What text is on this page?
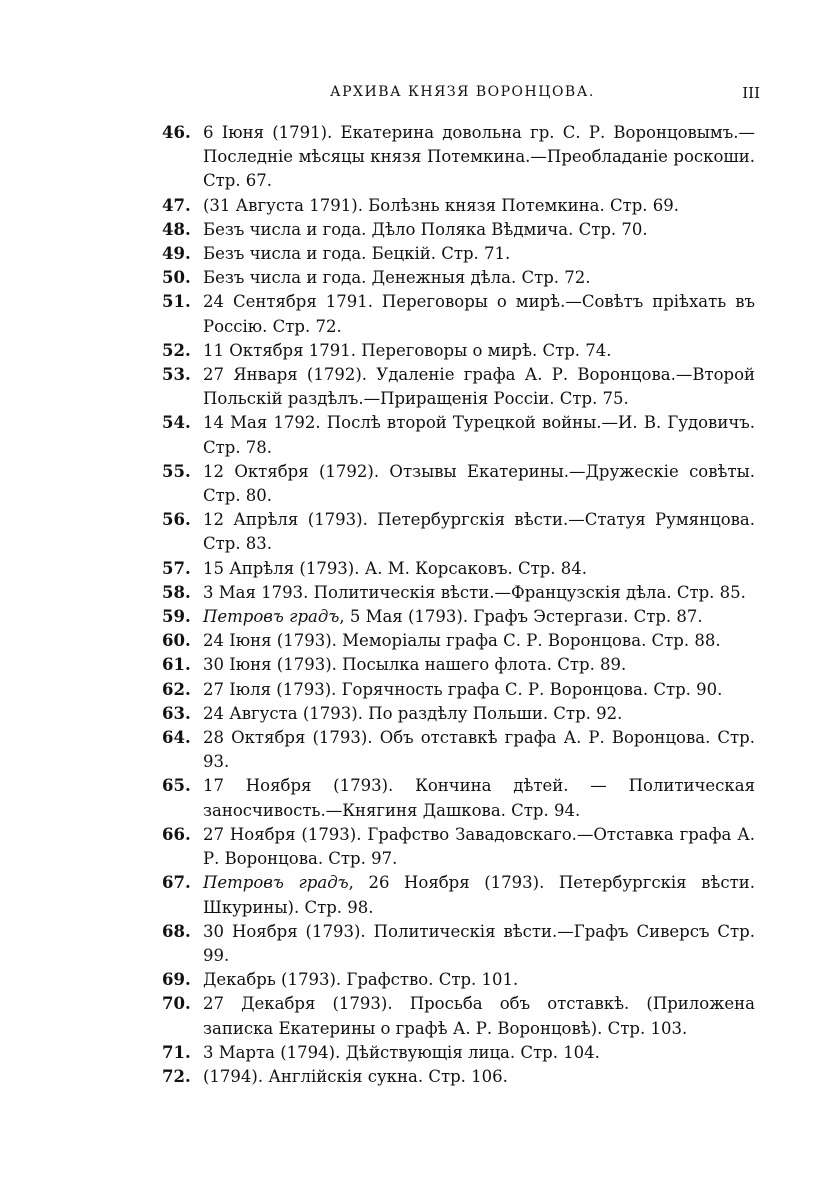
АРХИВА КНЯЗЯ ВОРОНЦОВА.	III
46. 6 Іюня (1791). Екатерина довольна гр. С. Р. Воронцовымъ.— Последніе мѣсяцы князя Потемкина.—Преобладаніе роскоши. Стр. 67.
47. (31 Августа 1791). Болѣзнь князя Потемкина. Стр. 69.
48. Безъ числа и года. Дѣло Поляка Вѣдмича. Стр. 70.
49. Безъ числа и года. Бецкій. Стр. 71.
50. Безъ числа и года. Денежныя дѣла. Стр. 72.
51. 24 Сентября 1791. Переговоры о мирѣ.—Совѣтъ пріѣхать въ Россію. Стр. 72.
52. 11 Октября 1791. Переговоры о мирѣ. Стр. 74.
53. 27 Января (1792). Удаленіе графа А. Р. Воронцова.—Второй Польскій раздѣлъ.—Приращенія Россіи. Стр. 75.
54. 14 Мая 1792. Послѣ второй Турецкой войны.—И. В. Гудовичъ. Стр. 78.
55. 12 Октября (1792). Отзывы Екатерины.—Дружескіе совѣты. Стр. 80.
56. 12 Апрѣля (1793). Петербургскія вѣсти.—Статуя Румянцова. Стр. 83.
57. 15 Апрѣля (1793). А. М. Корсаковъ. Стр. 84.
58. 3 Мая 1793. Политическія вѣсти.—Французскія дѣла. Стр. 85.
59. Петровъ градъ, 5 Мая (1793). Графъ Эстергази. Стр. 87.
60. 24 Іюня (1793). Меморіалы графа С. Р. Воронцова. Стр. 88.
61. 30 Іюня (1793). Посылка нашего флота. Стр. 89.
62. 27 Іюля (1793). Горячность графа С. Р. Воронцова. Стр. 90.
63. 24 Августа (1793). По раздѣлу Польши. Стр. 92.
64. 28 Октября (1793). Объ отставкѣ графа А. Р. Воронцова. Стр. 93.
65. 17 Ноября (1793). Кончина дѣтей. — Политическая заносчивость.—Княгиня Дашкова. Стр. 94.
66. 27 Ноября (1793). Графство Завадовскаго.—Отставка графа А. Р. Воронцова. Стр. 97.
67. Петровъ градъ, 26 Ноября (1793). Петербургскія вѣсти. Шкурины). Стр. 98.
68. 30 Ноября (1793). Политическія вѣсти.—Графъ Сиверсъ Стр. 99.
69. Декабрь (1793). Графство. Стр. 101.
70. 27 Декабря (1793). Просьба объ отставкѣ. (Приложена записка Екатерины о графѣ А. Р. Воронцовѣ). Стр. 103.
71. 3 Марта (1794). Дѣйствующія лица. Стр. 104.
72. (1794). Англійскія сукна. Стр. 106.
